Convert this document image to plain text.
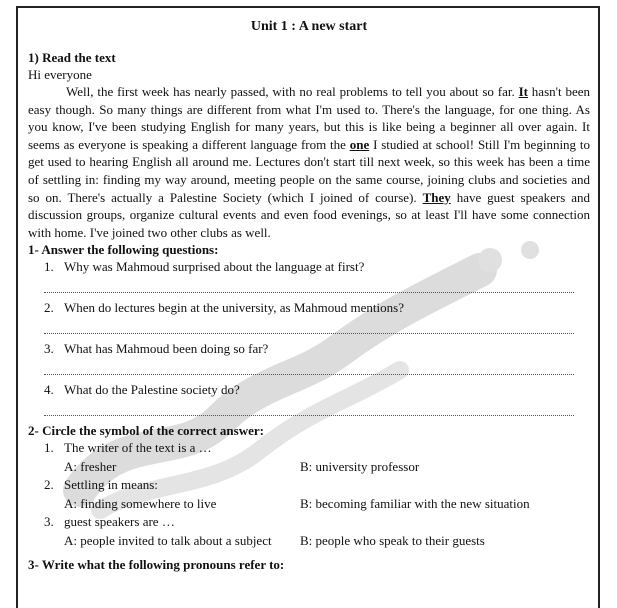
Unit 1 : A new start

1) Read the text

Hi everyone

Well, the first week has nearly passed, with no real problems to tell you about so far. It hasn't been easy though. So many things are different from what I'm used to. There's the language, for one thing. As you know, I've been studying English for many years, but this is like being a beginner all over again. It seems as everyone is speaking a different language from the one I studied at school! Still I'm beginning to get used to hearing English all around me. Lectures don't start till next week, so this week has been a time of settling in: finding my way around, meeting people on the same course, joining clubs and societies and so on. There's actually a Palestine Society (which I joined of course). They have guest speakers and discussion groups, organize cultural events and even food evenings, so at least I'll have some connection with home. I've joined two other clubs as well.

1- Answer the following questions:

1. Why was Mahmoud surprised about the language at first?
2. When do lectures begin at the university, as Mahmoud mentions?
3. What has Mahmoud been doing so far?
4. What do the Palestine society do?

2- Circle the symbol of the correct answer:

1. The writer of the text is a …
A: fresher	B: university professor
2. Settling in means:
A: finding somewhere to live	B: becoming familiar with the new situation
3. guest speakers are …
A: people invited to talk about a subject	B: people who speak to their guests

3- Write what the following pronouns refer to:
